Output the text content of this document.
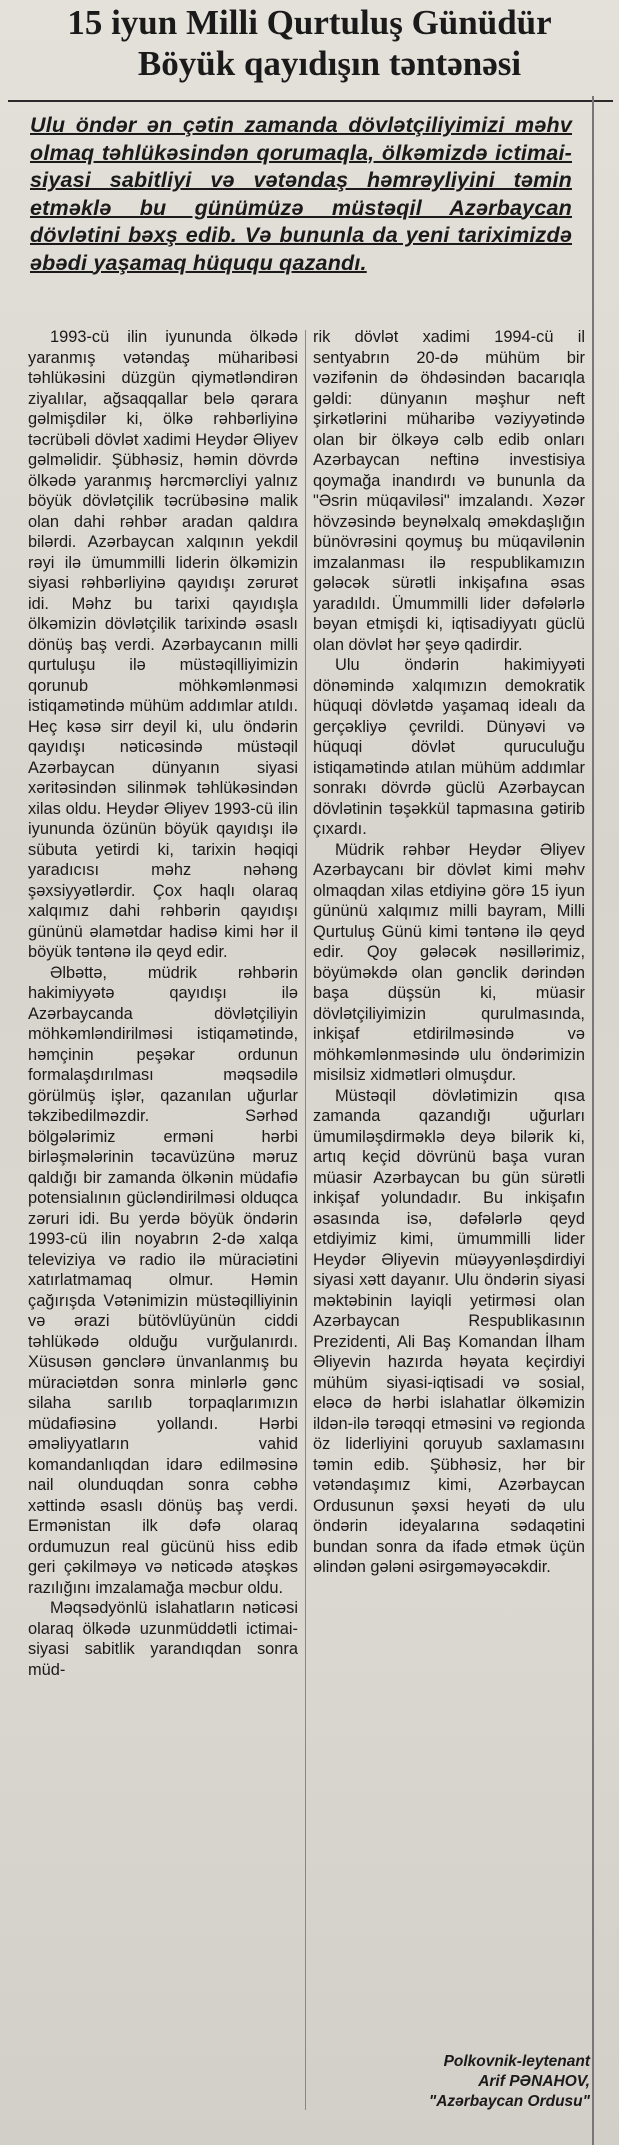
15 iyun Milli Qurtuluş Günüdür
Böyük qayıdışın təntənəsi
Ulu öndər ən çətin zamanda dövlətçiliyimizi məhv olmaq təhlükəsindən qorumaqla, ölkəmizdə ictimai-siyasi sabitliyi və vətəndaş həmrəyliyini təmin etməklə bu günümüzə müstəqil Azərbaycan dövlətini bəxş edib. Və bununla da yeni tariximizdə əbədi yaşamaq hüququ qazandı.

1993-cü ilin iyununda ölkədə yaranmış vətəndaş müharibəsi təhlükəsini düzgün qiymətləndirən ziyalılar, ağsaqqallar belə qərara gəlmişdilər ki, ölkə rəhbərliyinə təcrübəli dövlət xadimi Heydər Əliyev gəlməlidir. Şübhəsiz, həmin dövrdə ölkədə yaranmış hərcmərcliyi yalnız böyük dövlətçilik təcrübəsinə malik olan dahi rəhbər aradan qaldıra bilərdi. Azərbaycan xalqının yekdil rəyi ilə ümummilli liderin ölkəmizin siyasi rəhbərliyinə qayıdışı zərurət idi. Məhz bu tarixi qayıdışla ölkəmizin dövlətçilik tarixində əsaslı dönüş baş verdi. Azərbaycanın milli qurtuluşu ilə müstəqilliyimizin qorunub möhkəmlənməsi istiqamətində mühüm addımlar atıldı. Heç kəsə sirr deyil ki, ulu öndərin qayıdışı nəticəsində müstəqil Azərbaycan dünyanın siyasi xəritəsindən silinmək təhlükəsindən xilas oldu. Heydər Əliyev 1993-cü ilin iyununda özünün böyük qayıdışı ilə sübuta yetirdi ki, tarixin həqiqi yaradıcısı məhz nəhəng şəxsiyyətlərdir. Çox haqlı olaraq xalqımız dahi rəhbərin qayıdışı gününü əlamətdar hadisə kimi hər il böyük təntənə ilə qeyd edir.

Əlbəttə, müdrik rəhbərin hakimiyyətə qayıdışı ilə Azərbaycanda dövlətçiliyin möhkəmləndirilməsi istiqamətində, həmçinin peşəkar ordunun formalaşdırılması məqsədilə görülmüş işlər, qazanılan uğurlar təkzibedilməzdir. Sərhəd bölgələrimiz erməni hərbi birləşmələrinin təcavüzünə məruz qaldığı bir zamanda ölkənin müdafiə potensialının gücləndirilməsi olduqca zəruri idi. Bu yerdə böyük öndərin 1993-cü ilin noyabrın 2-də xalqa televiziya və radio ilə müraciətini xatırlatmamaq olmur. Həmin çağırışda Vətənimizin müstəqilliyinin və ərazi bütövlüyünün ciddi təhlükədə olduğu vurğulanırdı. Xüsusən gənclərə ünvanlanmış bu müraciətdən sonra minlərlə gənc silaha sarılıb torpaqlarımızın müdafiəsinə yollandı. Hərbi əməliyyatların vahid komandanlıqdan idarə edilməsinə nail olunduqdan sonra cəbhə xəttində əsaslı dönüş baş verdi. Ermənistan ilk dəfə olaraq ordumuzun real gücünü hiss edib geri çəkilməyə və nəticədə atəşkəs razılığını imzalamağa məcbur oldu.

Məqsədyönlü islahatların nəticəsi olaraq ölkədə uzunmüddətli ictimai-siyasi sabitlik yarandıqdan sonra müd-

rik dövlət xadimi 1994-cü il sentyabrın 20-də mühüm bir vəzifənin də öhdəsindən bacarıqla gəldi: dünyanın məşhur neft şirkətlərini müharibə vəziyyətində olan bir ölkəyə cəlb edib onları Azərbaycan neftinə investisiya qoymağa inandırdı və bununla da "Əsrin müqaviləsi" imzalandı. Xəzər hövzəsində beynəlxalq əməkdaşlığın bünövrəsini qoymuş bu müqavilənin imzalanması ilə respublikamızın gələcək sürətli inkişafına əsas yaradıldı. Ümummilli lider dəfələrlə bəyan etmişdi ki, iqtisadiyyatı güclü olan dövlət hər şeyə qadirdir.

Ulu öndərin hakimiyyəti dönəmində xalqımızın demokratik hüquqi dövlətdə yaşamaq idealı da gerçəkliyə çevrildi. Dünyəvi və hüquqi dövlət quruculuğu istiqamətində atılan mühüm addımlar sonrakı dövrdə güclü Azərbaycan dövlətinin təşəkkül tapmasına gətirib çıxardı.

Müdrik rəhbər Heydər Əliyev Azərbaycanı bir dövlət kimi məhv olmaqdan xilas etdiyinə görə 15 iyun gününü xalqımız milli bayram, Milli Qurtuluş Günü kimi təntənə ilə qeyd edir. Qoy gələcək nəsillərimiz, böyüməkdə olan gənclik dərindən başa düşsün ki, müasir dövlətçiliyimizin qurulmasında, inkişaf etdirilməsində və möhkəmlənməsində ulu öndərimizin misilsiz xidmətləri olmuşdur.

Müstəqil dövlətimizin qısa zamanda qazandığı uğurları ümumiləşdirməklə deyə bilərik ki, artıq keçid dövrünü başa vuran müasir Azərbaycan bu gün sürətli inkişaf yolundadır. Bu inkişafın əsasında isə, dəfələrlə qeyd etdiyimiz kimi, ümummilli lider Heydər Əliyevin müəyyənləşdirdiyi siyasi xətt dayanır. Ulu öndərin siyasi məktəbinin layiqli yetirməsi olan Azərbaycan Respublikasının Prezidenti, Ali Baş Komandan İlham Əliyevin hazırda həyata keçirdiyi mühüm siyasi-iqtisadi və sosial, eləcə də hərbi islahatlar ölkəmizin ildən-ilə tərəqqi etməsini və regionda öz liderliyini qoruyub saxlamasını təmin edib. Şübhəsiz, hər bir vətəndaşımız kimi, Azərbaycan Ordusunun şəxsi heyəti də ulu öndərin ideyalarına sədaqətini bundan sonra da ifadə etmək üçün əlindən gələni əsirgəməyəcəkdir.

Polkovnik-leytenant
Arif PƏNAHOV,
"Azərbaycan Ordusu"
